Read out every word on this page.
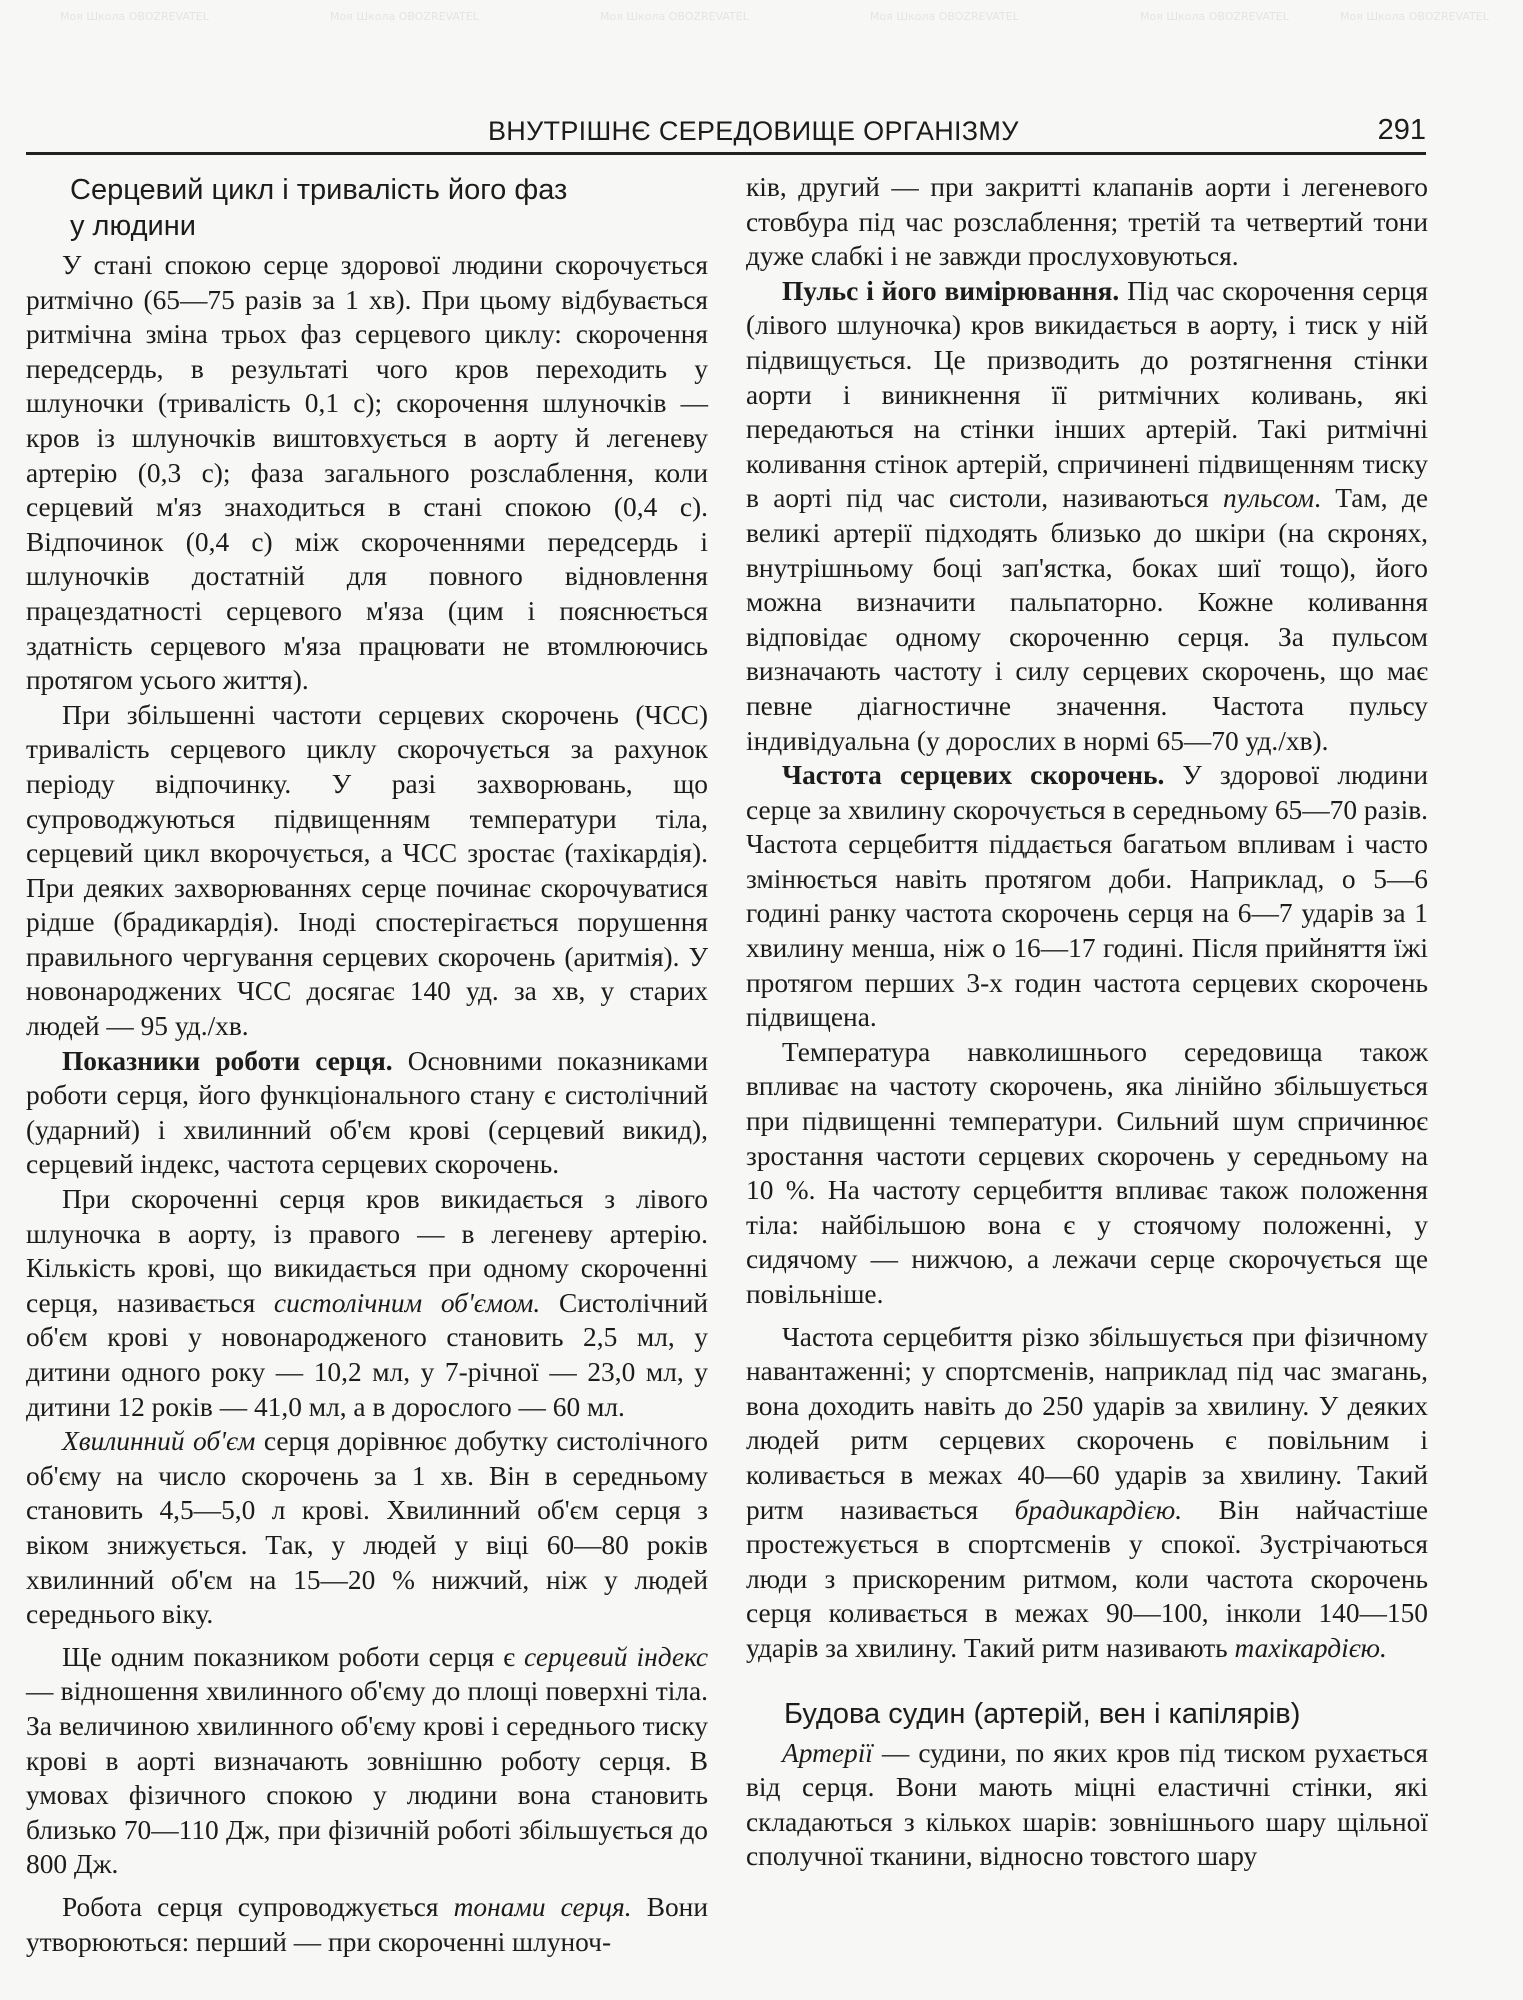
Моя Школа OBOZREVATEL	Моя Школа OBOZREVATEL	Моя Школа OBOZREVATEL	Моя Школа OBOZREVATEL	Моя Школа OBOZREVATEL	Моя Школа OBOZREVATEL
ВНУТРІШНЄ СЕРЕДОВИЩЕ ОРГАНІЗМУ	291
Серцевий цикл і тривалість його фаз
у людини

У стані спокою серце здорової людини скорочується ритмічно (65—75 разів за 1 хв). При цьому відбувається ритмічна зміна трьох фаз серцевого циклу: скорочення передсердь, в результаті чого кров переходить у шлуночки (тривалість 0,1 с); скорочення шлуночків — кров із шлуночків виштовхується в аорту й легеневу артерію (0,3 с); фаза загального розслаблення, коли серцевий м'яз знаходиться в стані спокою (0,4 с). Відпочинок (0,4 с) між скороченнями передсердь і шлуночків достатній для повного відновлення працездатності серцевого м'яза (цим і пояснюється здатність серцевого м'яза працювати не втомлюючись протягом усього життя).

При збільшенні частоти серцевих скорочень (ЧСС) тривалість серцевого циклу скорочується за рахунок періоду відпочинку. У разі захворювань, що супроводжуються підвищенням температури тіла, серцевий цикл вкорочується, а ЧСС зростає (тахікардія). При деяких захворюваннях серце починає скорочуватися рідше (брадикардія). Іноді спостерігається порушення правильного чергування серцевих скорочень (аритмія). У новонароджених ЧСС досягає 140 уд. за хв, у старих людей — 95 уд./хв.

Показники роботи серця. Основними показниками роботи серця, його функціонального стану є систолічний (ударний) і хвилинний об'єм крові (серцевий викид), серцевий індекс, частота серцевих скорочень.

При скороченні серця кров викидається з лівого шлуночка в аорту, із правого — в легеневу артерію. Кількість крові, що викидається при одному скороченні серця, називається систолічним об'ємом. Систолічний об'єм крові у новонародженого становить 2,5 мл, у дитини одного року — 10,2 мл, у 7-річної — 23,0 мл, у дитини 12 років — 41,0 мл, а в дорослого — 60 мл.

Хвилинний об'єм серця дорівнює добутку систолічного об'єму на число скорочень за 1 хв. Він в середньому становить 4,5—5,0 л крові. Хвилинний об'єм серця з віком знижується. Так, у людей у віці 60—80 років хвилинний об'єм на 15—20 % нижчий, ніж у людей середнього віку.

Ще одним показником роботи серця є серцевий індекс — відношення хвилинного об'єму до площі поверхні тіла. За величиною хвилинного об'єму крові і середнього тиску крові в аорті визначають зовнішню роботу серця. В умовах фізичного спокою у людини вона становить близько 70—110 Дж, при фізичній роботі збільшується до 800 Дж.

Робота серця супроводжується тонами серця. Вони утворюються: перший — при скороченні шлуноч-

ків, другий — при закритті клапанів аорти і легеневого стовбура під час розслаблення; третій та четвертий тони дуже слабкі і не завжди прослуховуються.

Пульс і його вимірювання. Під час скорочення серця (лівого шлуночка) кров викидається в аорту, і тиск у ній підвищується. Це призводить до розтягнення стінки аорти і виникнення її ритмічних коливань, які передаються на стінки інших артерій. Такі ритмічні коливання стінок артерій, спричинені підвищенням тиску в аорті під час систоли, називаються пульсом. Там, де великі артерії підходять близько до шкіри (на скронях, внутрішньому боці зап'ястка, боках шиї тощо), його можна визначити пальпаторно. Кожне коливання відповідає одному скороченню серця. За пульсом визначають частоту і силу серцевих скорочень, що має певне діагностичне значення. Частота пульсу індивідуальна (у дорослих в нормі 65—70 уд./хв).

Частота серцевих скорочень. У здорової людини серце за хвилину скорочується в середньому 65—70 разів. Частота серцебиття піддається багатьом впливам і часто змінюється навіть протягом доби. Наприклад, о 5—6 годині ранку частота скорочень серця на 6—7 ударів за 1 хвилину менша, ніж о 16—17 годині. Після прийняття їжі протягом перших 3-х годин частота серцевих скорочень підвищена.

Температура навколишнього середовища також впливає на частоту скорочень, яка лінійно збільшується при підвищенні температури. Сильний шум спричинює зростання частоти серцевих скорочень у середньому на 10 %. На частоту серцебиття впливає також положення тіла: найбільшою вона є у стоячому положенні, у сидячому — нижчою, а лежачи серце скорочується ще повільніше.

Частота серцебиття різко збільшується при фізичному навантаженні; у спортсменів, наприклад під час змагань, вона доходить навіть до 250 ударів за хвилину. У деяких людей ритм серцевих скорочень є повільним і коливається в межах 40—60 ударів за хвилину. Такий ритм називається брадикардією. Він найчастіше простежується в спортсменів у спокої. Зустрічаються люди з прискореним ритмом, коли частота скорочень серця коливається в межах 90—100, інколи 140—150 ударів за хвилину. Такий ритм називають тахікардією.

Будова судин (артерій, вен і капілярів)

Артерії — судини, по яких кров під тиском рухається від серця. Вони мають міцні еластичні стінки, які складаються з кількох шарів: зовнішнього шару щільної сполучної тканини, відносно товстого шару
